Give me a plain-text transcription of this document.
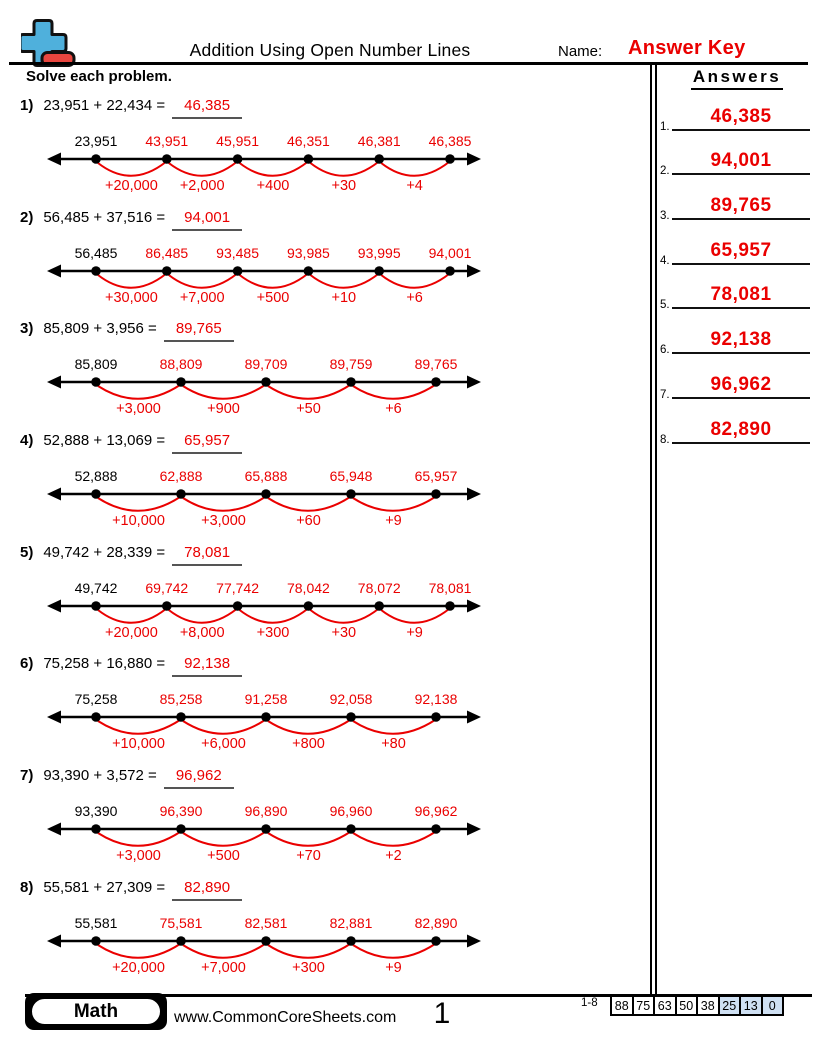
Addition Using Open Number Lines	Name: Answer Key
Solve each problem.
1) 23,951 + 22,434 = 46,385
+20,000 +2,000 +400	+30	+4
23,951 43,951 45,951 46,351 46,381 46,385
2) 56,485 + 37,516 = 94,001
+30,000 +7,000 +500	+10	+6
56,485 86,485 93,485 93,985 93,995 94,001
3) 85,809 + 3,956 = 89,765
+3,000	+900	+50	+6
85,809	88,809	89,709	89,759	89,765
4) 52,888 + 13,069 = 65,957
+10,000 +3,000	+60	+9
52,888	62,888	65,888	65,948	65,957
5) 49,742 + 28,339 = 78,081
+20,000 +8,000 +300	+30	+9
49,742 69,742 77,742 78,042 78,072 78,081
6) 75,258 + 16,880 = 92,138
+10,000 +6,000	+800	+80
75,258	85,258	91,258	92,058	92,138
7) 93,390 + 3,572 = 96,962
+3,000	+500	+70	+2
93,390	96,390	96,890	96,960	96,962
8) 55,581 + 27,309 = 82,890
+20,000 +7,000	+300	+9
55,581	75,581	82,581	82,881	82,890
Answers
1.	46,385
2.	94,001
3.	89,765
4.	65,957
5.	78,081
6.	92,138
7.	96,962
8.	82,890
Math	www.CommonCoreSheets.com	1	1-8 88	75	63	50	38	25	13	0
